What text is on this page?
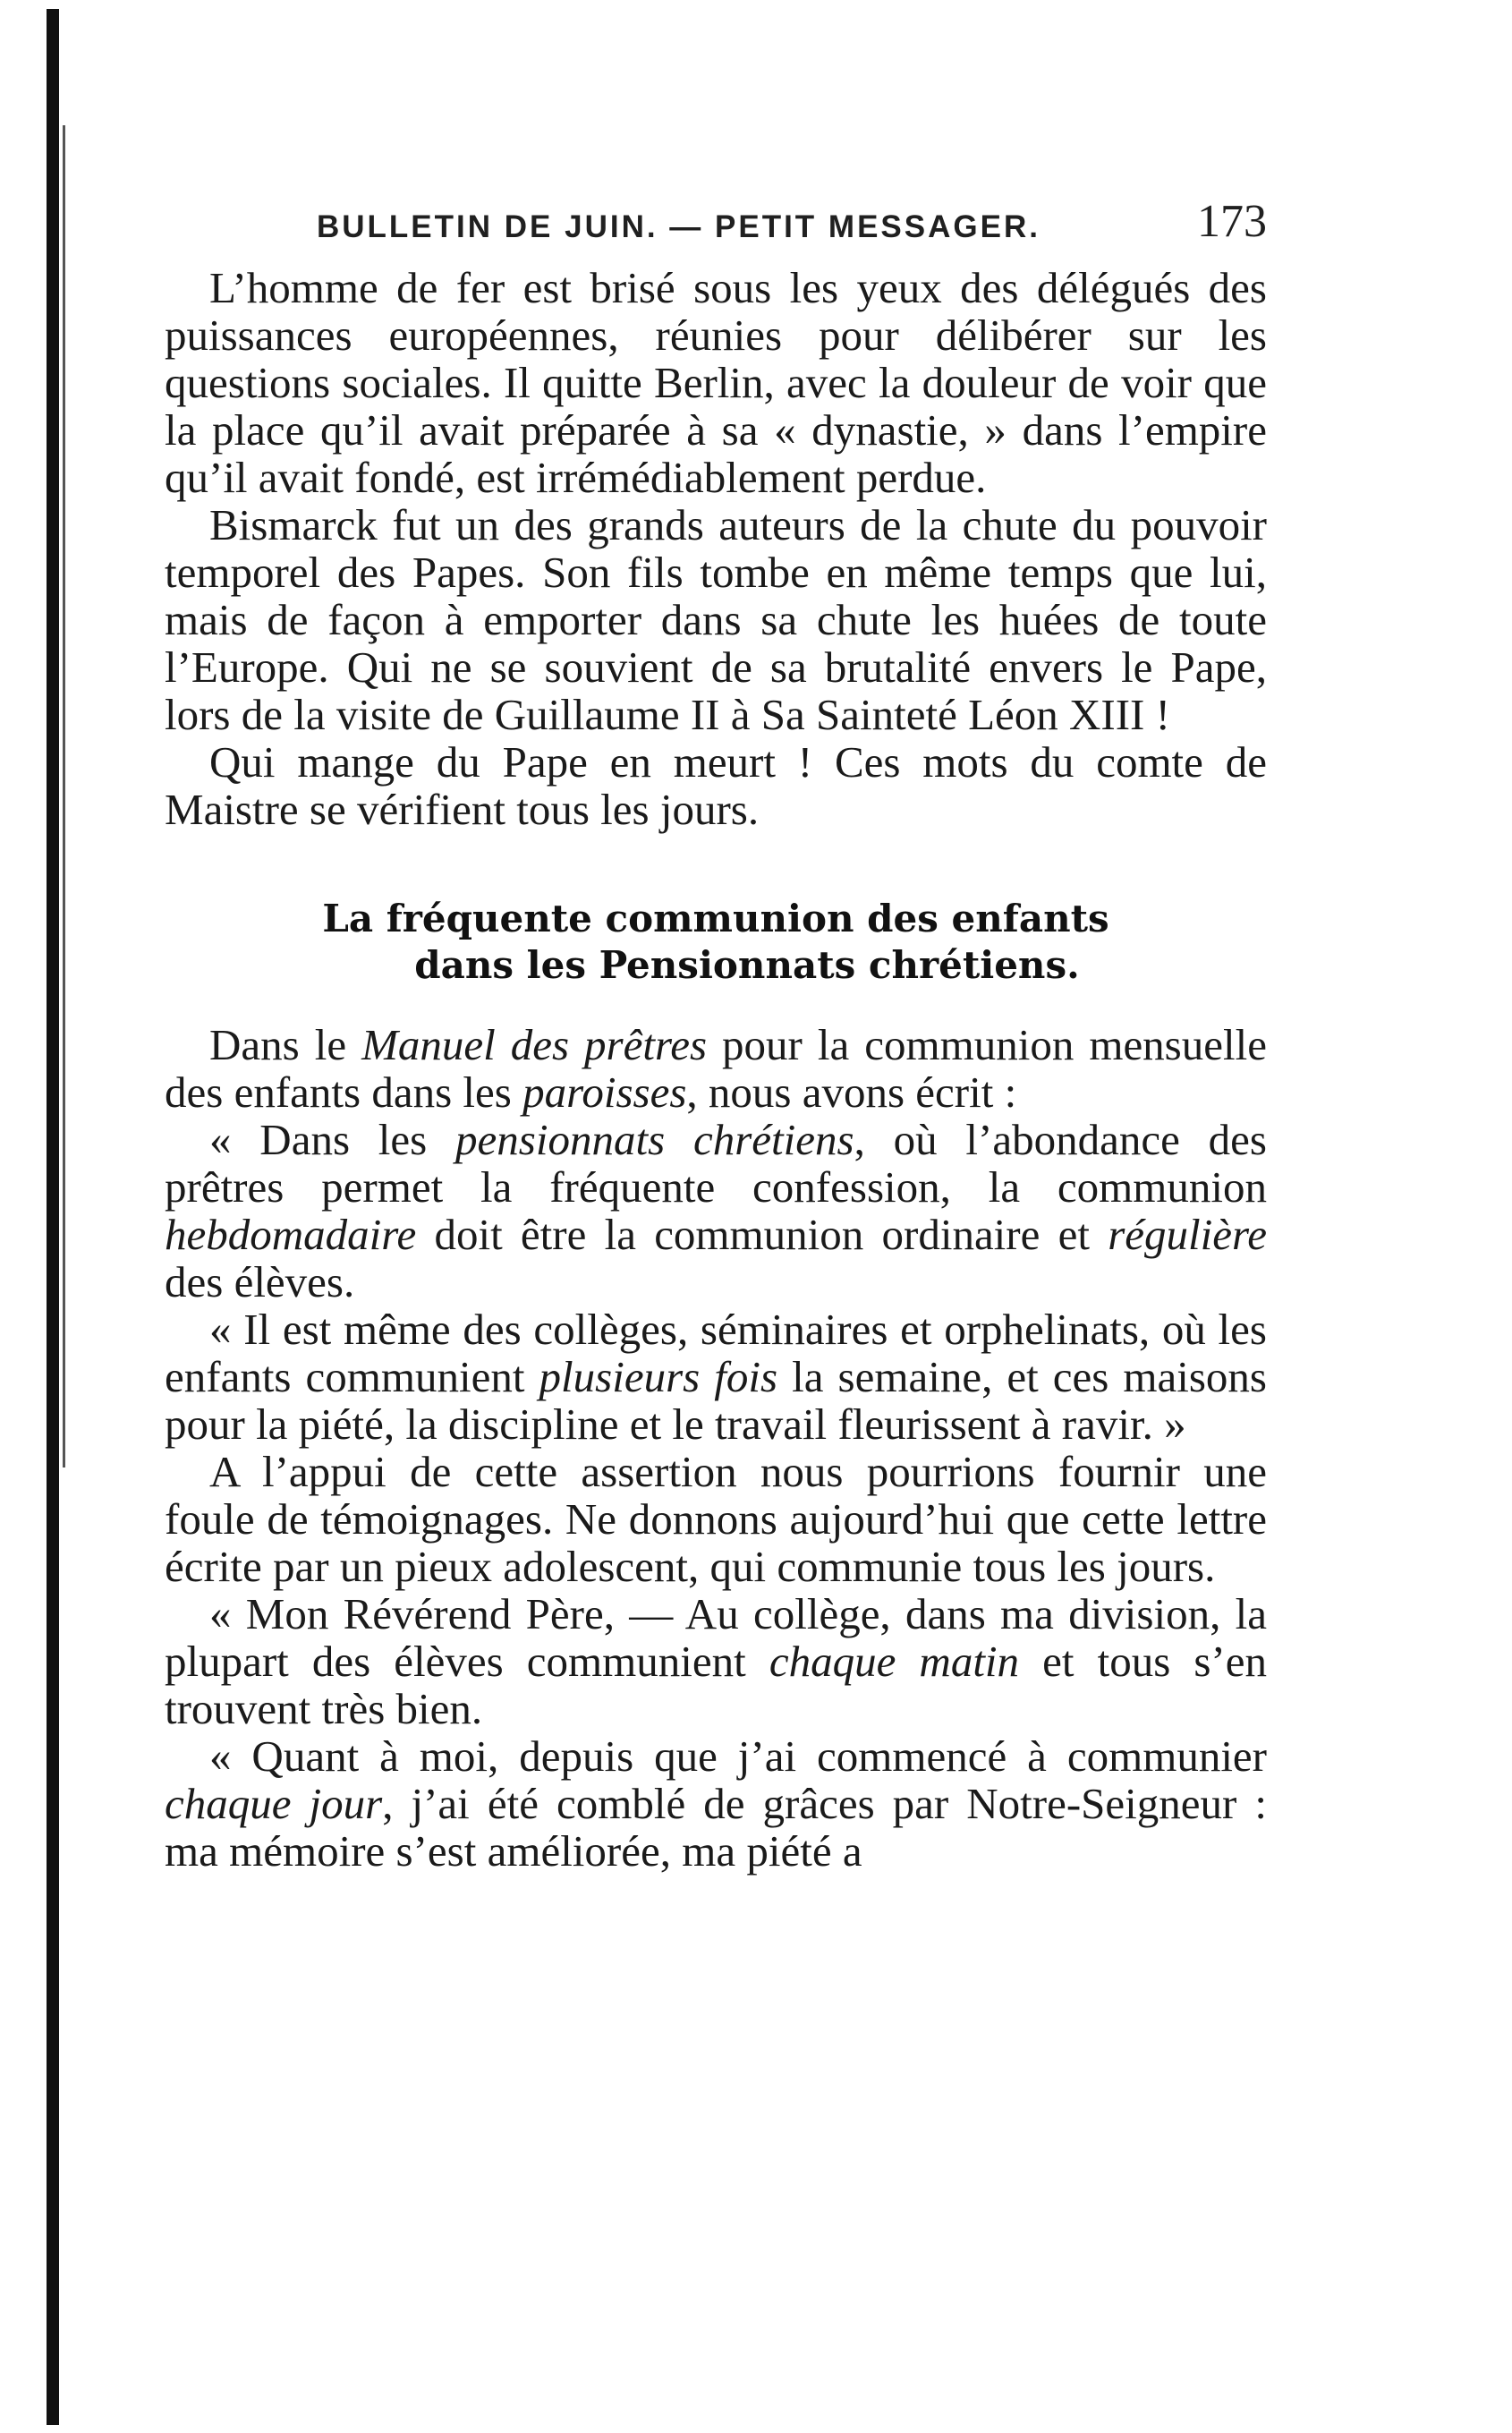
BULLETIN DE JUIN. — PETIT MESSAGER.	173

L’homme de fer est brisé sous les yeux des délégués des puissances européennes, réunies pour délibérer sur les questions sociales. Il quitte Berlin, avec la douleur de voir que la place qu’il avait préparée à sa « dynastie, » dans l’empire qu’il avait fondé, est irrémédiablement perdue.

Bismarck fut un des grands auteurs de la chute du pouvoir temporel des Papes. Son fils tombe en même temps que lui, mais de façon à emporter dans sa chute les huées de toute l’Europe. Qui ne se souvient de sa brutalité envers le Pape, lors de la visite de Guillaume II à Sa Sainteté Léon XIII !

Qui mange du Pape en meurt ! Ces mots du comte de Maistre se vérifient tous les jours.

La fréquente communion des enfants
dans les Pensionnats chrétiens.

Dans le Manuel des prêtres pour la communion mensuelle des enfants dans les paroisses, nous avons écrit :

« Dans les pensionnats chrétiens, où l’abondance des prêtres permet la fréquente confession, la communion hebdomadaire doit être la communion ordinaire et régulière des élèves.

« Il est même des collèges, séminaires et orphelinats, où les enfants communient plusieurs fois la semaine, et ces maisons pour la piété, la discipline et le travail fleurissent à ravir. »

A l’appui de cette assertion nous pourrions fournir une foule de témoignages. Ne donnons aujourd’hui que cette lettre écrite par un pieux adolescent, qui communie tous les jours.

« Mon Révérend Père, — Au collège, dans ma division, la plupart des élèves communient chaque matin et tous s’en trouvent très bien.

« Quant à moi, depuis que j’ai commencé à communier chaque jour, j’ai été comblé de grâces par Notre-Seigneur : ma mémoire s’est améliorée, ma piété a
